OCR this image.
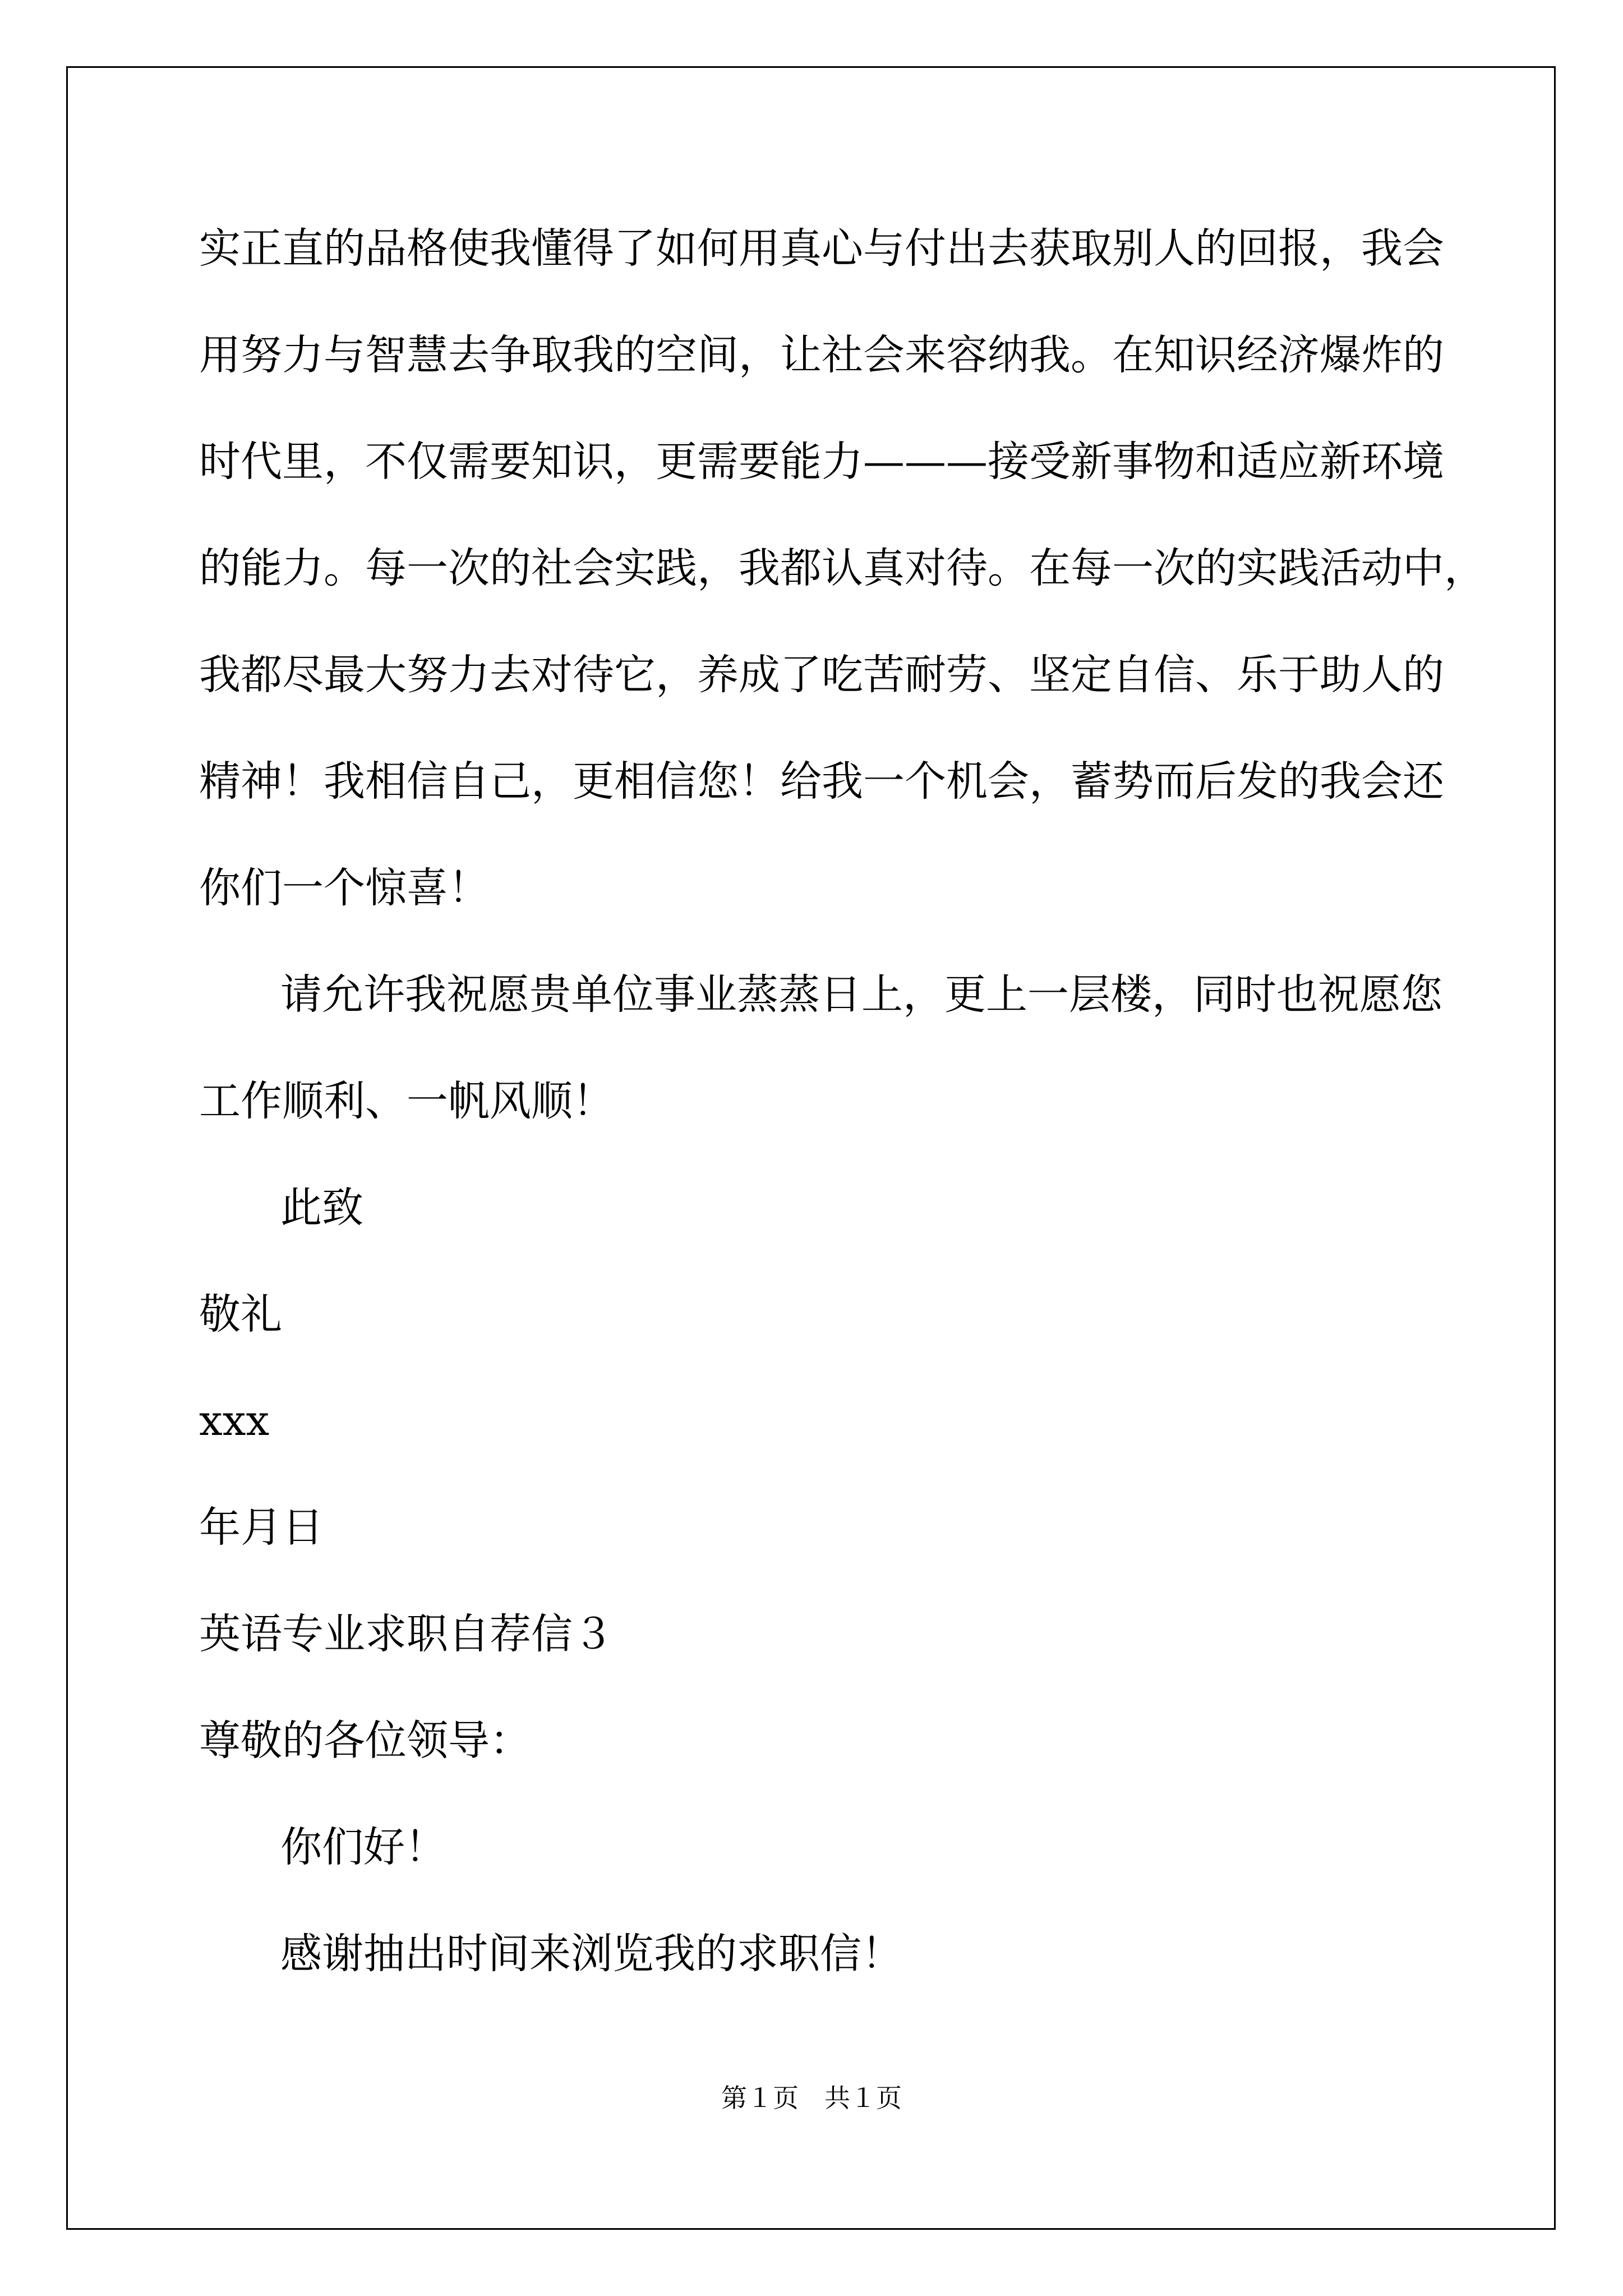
实正直的品格使我懂得了如何用真心与付出去获取别人的回报，我会
用努力与智慧去争取我的空间，让社会来容纳我。在知识经济爆炸的
时代里，不仅需要知识，更需要能力———接受新事物和适应新环境
的能力。每一次的社会实践，我都认真对待。在每一次的实践活动中，
我都尽最大努力去对待它，养成了吃苦耐劳、坚定自信、乐于助人的
精神！我相信自己，更相信您！给我一个机会，蓄势而后发的我会还
你们一个惊喜！
请允许我祝愿贵单位事业蒸蒸日上，更上一层楼，同时也祝愿您
工作顺利、一帆风顺！
此致
敬礼
xxx
年月日
英语专业求职自荐信３
尊敬的各位领导：
你们好！
感谢抽出时间来浏览我的求职信！
第１页　共１页
